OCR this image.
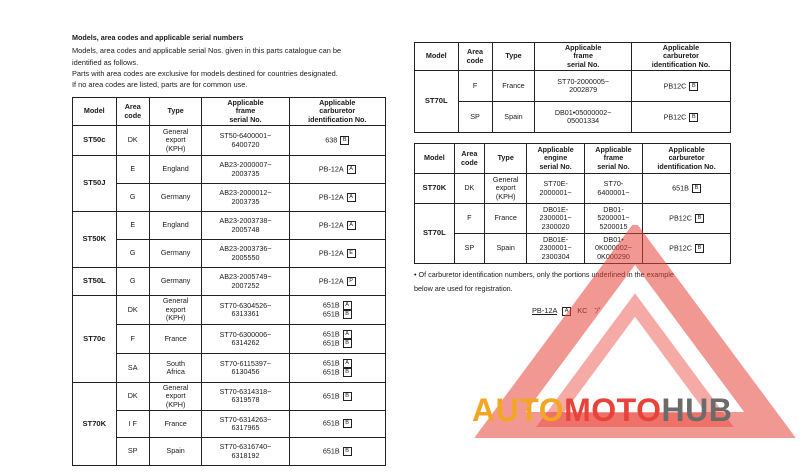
Models, area codes and applicable serial numbers
Models, area codes and applicable serial Nos. given in this parts catalogue can be
identified as follows.
Parts with area codes are exclusive for models destined for countries designated.
If no area codes are listed, parts are for common use.
Model	Area
code	Type	Applicable
frame
serial No.	Applicable
carburetor
identification No.
ST50c	DK	General
export
(KPH)	ST50-6400001~
6400720	638 B
ST50J	E	England	AB23-2000007~
2003735	PB-12A A
	G	Germany	AB23-2000012~
2003735	PB-12A A
ST50K	E	England	AB23-2003738~
2005748	PB-12A A
	G	Germany	AB23-2003736~
2005550	PB-12A E
ST50L	G	Germany	AB23-2005749~
2007252	PB-12A P
ST70c	DK	General
export
(KPH)	ST70-6304526~
6313361	651B A
651B B
	F	France	ST70-6300006~
6314262	651B A
651B B
	SA	South
Africa	ST70-6115397~
6130456	651B A
651B B
ST70K	DK	General
export
(KPH)	ST70-6314318~
6319578	651B B
	I F	France	ST70-6314263~
6317965	651B B
	SP	Spain	ST70-6316740~
6318192	651B B
Model	Area
code	Type	Applicable
frame
serial No.	Applicable
carburetor
identification No.
ST70L	F	France	ST70-2000005~
2002879	PB12C B
	SP	Spain	DB01•05000002~
05001334	PB12C B
Model	Area
code	Type	Applicable
engine
serial No.	Applicable
frame
serial No.	Applicable
carburetor
identification No.
ST70K	DK	General
export
(KPH)	ST70E-
2000001~	ST70-
6400001~	651B B
ST70L	F	France	DB01E-
2300001~
2300020	DB01-
5200001~
5200015	PB12C B
	SP	Spain	DB01E-
2300001~
2300304	DB01•
0K000002~
0K000290	PB12C B
• Of carburetor identification numbers, only the portions underlined in the example
below are used for registration.
PB-12A A KC ア
AUTOMOTOHUB
